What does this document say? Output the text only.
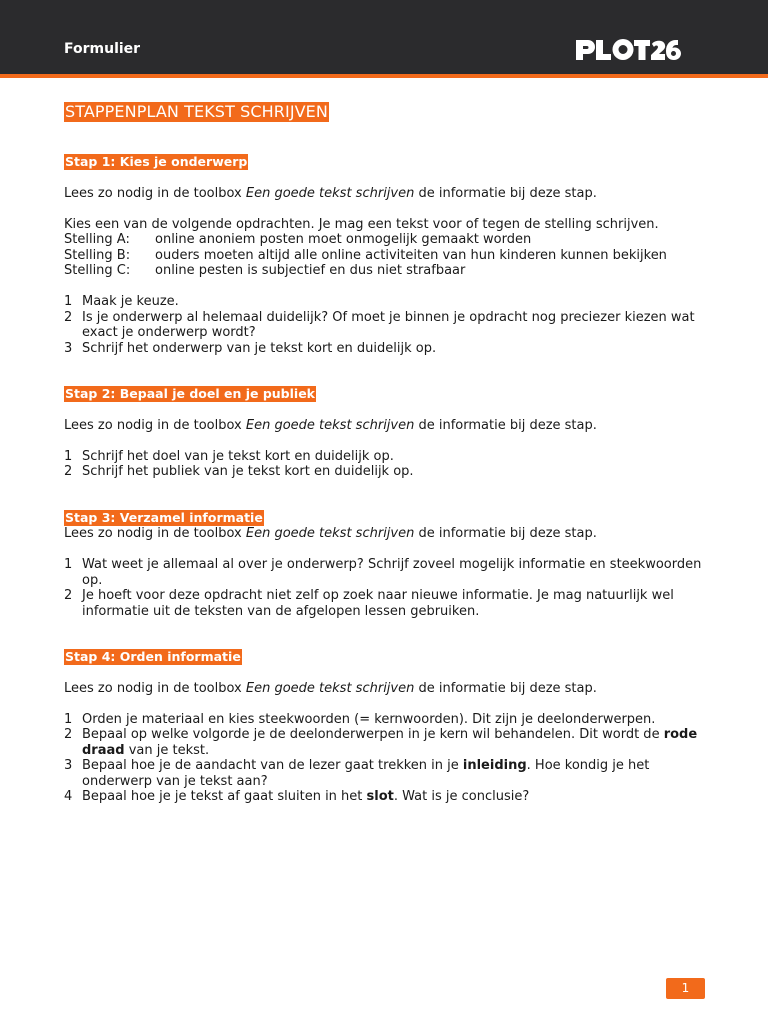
Formulier
STAPPENPLAN TEKST SCHRIJVEN
Stap 1: Kies je onderwerp

Lees zo nodig in de toolbox Een goede tekst schrijven de informatie bij deze stap.

Kies een van de volgende opdrachten. Je mag een tekst voor of tegen de stelling schrijven.

Stelling A:	online anoniem posten moet onmogelijk gemaakt worden
Stelling B:	ouders moeten altijd alle online activiteiten van hun kinderen kunnen bekijken
Stelling C:	online pesten is subjectief en dus niet strafbaar
1 Maak je keuze.
2 Is je onderwerp al helemaal duidelijk? Of moet je binnen je opdracht nog preciezer kiezen wat exact je onderwerp wordt?
3 Schrijf het onderwerp van je tekst kort en duidelijk op.
Stap 2: Bepaal je doel en je publiek

Lees zo nodig in de toolbox Een goede tekst schrijven de informatie bij deze stap.

1 Schrijf het doel van je tekst kort en duidelijk op.
2 Schrijf het publiek van je tekst kort en duidelijk op.
Stap 3: Verzamel informatie

Lees zo nodig in de toolbox Een goede tekst schrijven de informatie bij deze stap.

1 Wat weet je allemaal al over je onderwerp? Schrijf zoveel mogelijk informatie en steekwoorden op.
2 Je hoeft voor deze opdracht niet zelf op zoek naar nieuwe informatie. Je mag natuurlijk wel informatie uit de teksten van de afgelopen lessen gebruiken.
Stap 4: Orden informatie

Lees zo nodig in de toolbox Een goede tekst schrijven de informatie bij deze stap.

1 Orden je materiaal en kies steekwoorden (= kernwoorden). Dit zijn je deelonderwerpen.
2 Bepaal op welke volgorde je de deelonderwerpen in je kern wil behandelen. Dit wordt de rode draad van je tekst.
3 Bepaal hoe je de aandacht van de lezer gaat trekken in je inleiding. Hoe kondig je het onderwerp van je tekst aan?
4 Bepaal hoe je je tekst af gaat sluiten in het slot. Wat is je conclusie?
1
